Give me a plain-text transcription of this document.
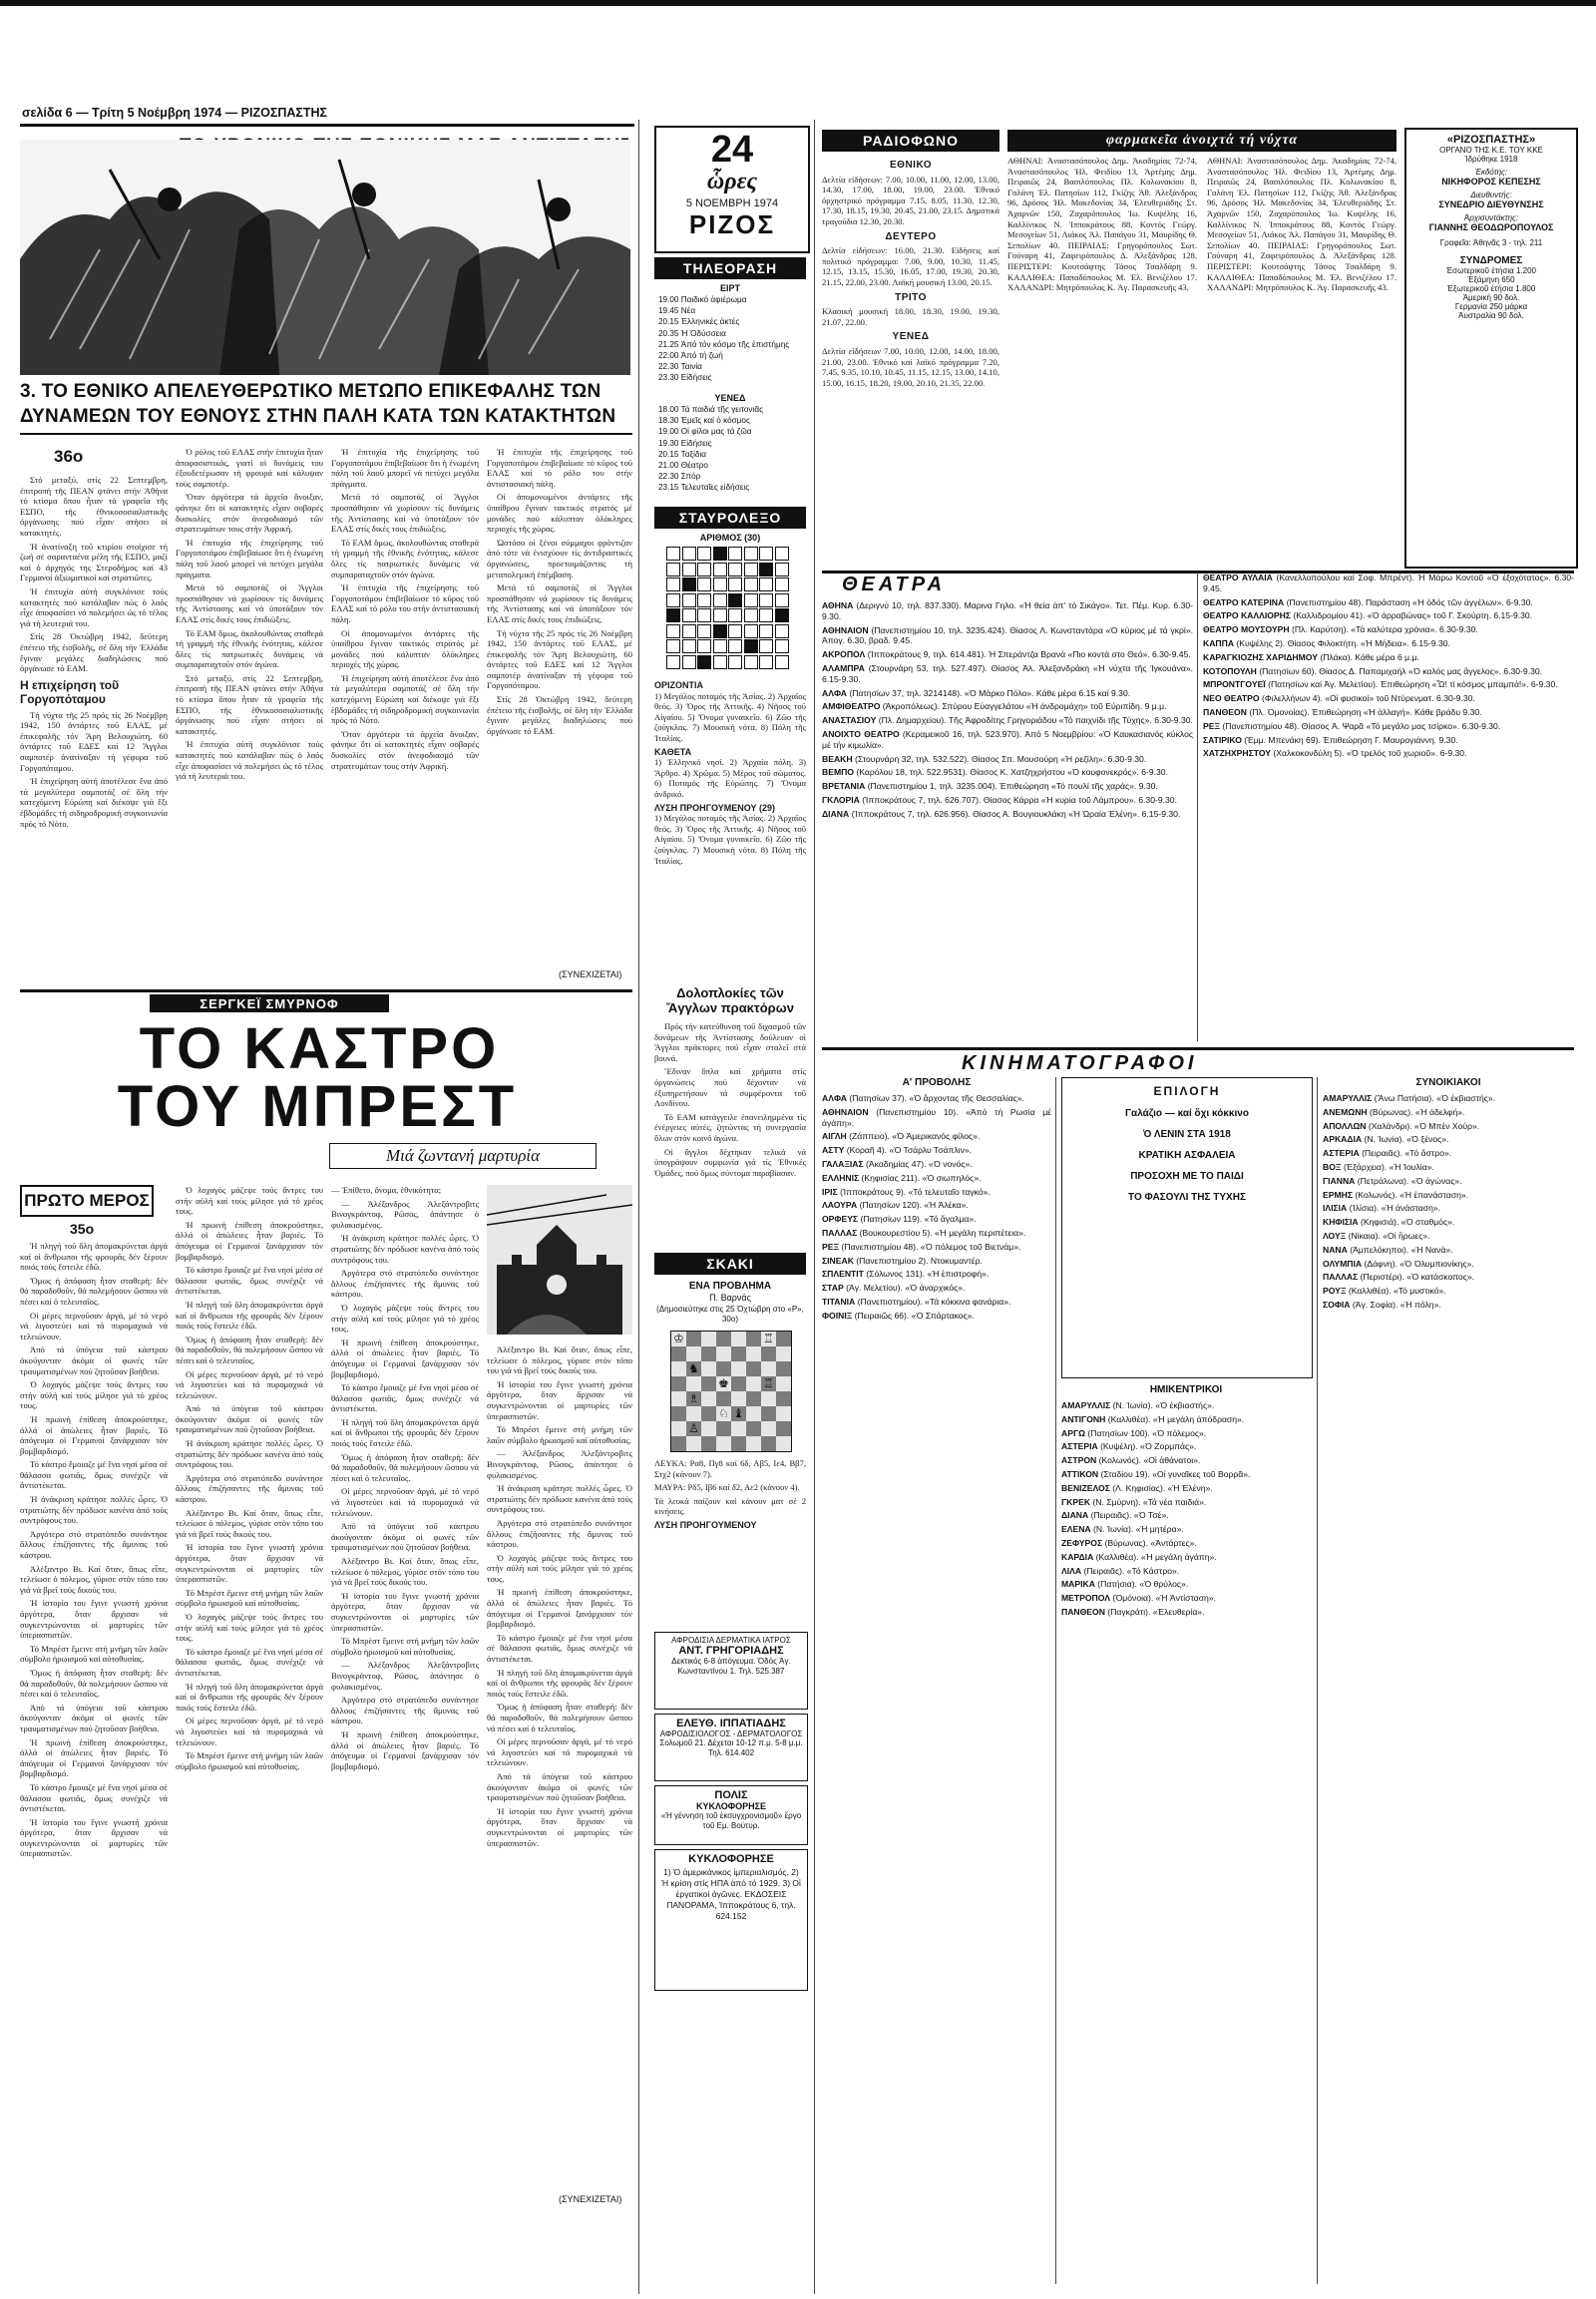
σελίδα 6 — Τρίτη 5 Νοέμβρη 1974 — ΡΙΖΟΣΠΑΣΤΗΣ
3. ΤΟ ΕΘΝΙΚΟ ΑΠΕΛΕΥΘΕΡΩΤΙΚΟ ΜΕΤΩΠΟ ΕΠΙΚΕΦΑΛΗΣ ΤΩΝ ΔΥΝΑΜΕΩΝ ΤΟΥ ΕΘΝΟΥΣ ΣΤΗΝ ΠΑΛΗ ΚΑΤΑ ΤΩΝ ΚΑΤΑΚΤΗΤΩΝ
36ο

Στό μεταξύ, στίς 22 Σεπτεμβρη, ἐπιτροπή τῆς ΠΕΑΝ φτάνει στήν Ἀθήνα τό κτίσμα ὅπου ἦταν τά γραφεῖα τῆς ΕΣΠΟ, τῆς ἐθνικοσοσιαλιστικῆς ὀργάνωσης πού εἶχαν στήσει οἱ κατακτητές.

Ἡ ἀνατίναξη τοῦ κτιρίου στοίχισε τή ζωή σέ σαρανταένα μέλη τῆς ΕΣΠΟ, μαζί καί ὁ ἀρχηγός της Στεροδήμος καί 43 Γερμανοί ἀξιωματικοί καί στρατιῶτες.

Ἡ ἐπιτυχία αὐτή συγκλόνισε τούς κατακτητές πού κατάλαβαν πώς ὁ λαός εἶχε ἀποφασίσει νά πολεμήσει ὡς τό τέλος γιά τή λευτεριά του.

Στίς 28 Ὀκτώβρη 1942, δεύτερη ἐπέτειο τῆς ἐισβολῆς, σέ ὅλη τήν Ἑλλάδα ἔγιναν μεγάλες διαδηλώσεις πού ὀργάνωσε τό ΕΑΜ.

Η επιχείρηση τοῦ Γοργοπόταμου

Τή νύχτα τῆς 25 πρός τίς 26 Νοέμβρη 1942, 150 ἀντάρτες τοῦ ΕΛΑΣ, μέ ἐπικεφαλῆς τόν Ἄρη Βελουχιώτη, 60 ἀντάρτες τοῦ ΕΔΕΣ καί 12 Ἄγγλοι σαμποτέρ ἀνατίναξαν τή γέφυρα τοῦ Γοργοπόταμου.

Ἡ ἐπιχείρηση αὐτή ἀποτέλεσε ἕνα ἀπό τά μεγαλύτερα σαμποτάζ σέ ὅλη τήν κατεχόμενη Εὐρώπη καί διέκοψε γιά ἕξι ἑβδομάδες τή σιδηροδρομική συγκοινωνία πρός τό Νότο.

Ὁ ρόλος τοῦ ΕΛΑΣ στήν ἐπιτυχία ἦταν ἀποφασιστικός, γιατί οἱ δυνάμεις του ἐξουδετέρωσαν τή φρουρά καί κάλυψαν τούς σαμποτέρ.

Ὅταν ἀργότερα τά ἀρχεῖα ἄνοιξαν, φάνηκε ὅτι οἱ κατακτητές εἶχαν σοβαρές δυσκολίες στόν ἀνεφοδιασμό τῶν στρατευμάτων τους στήν Ἀφρική.

Ἡ ἐπιτυχία τῆς ἐπιχείρησης τοῦ Γοργοποτάμου ἐπιβεβαίωσε ὅτι ἡ ἐνωμένη πάλη τοῦ λαοῦ μπορεῖ νά πετύχει μεγάλα πράγματα.

Μετά τό σαμποτάζ οἱ Ἄγγλοι προσπάθησαν νά χωρίσουν τίς δυνάμεις τῆς Ἀντίστασης καί νά ὑποτάξουν τόν ΕΛΑΣ στίς δικές τους ἐπιδιώξεις.

Τό ΕΑΜ ὅμως, ἀκολουθώντας σταθερά τή γραμμή τῆς ἐθνικῆς ἑνότητας, κάλεσε ὅλες τίς πατριωτικές δυνάμεις νά συμπαραταχτοῦν στόν ἀγώνα.

Στό μεταξύ, στίς 22 Σεπτεμβρη, ἐπιτροπή τῆς ΠΕΑΝ φτάνει στήν Ἀθήνα τό κτίσμα ὅπου ἦταν τά γραφεῖα τῆς ΕΣΠΟ, τῆς ἐθνικοσοσιαλιστικῆς ὀργάνωσης πού εἶχαν στήσει οἱ κατακτητές.

Ἡ ἐπιτυχία αὐτή συγκλόνισε τούς κατακτητές πού κατάλαβαν πώς ὁ λαός εἶχε ἀποφασίσει νά πολεμήσει ὡς τό τέλος γιά τή λευτεριά του.

Ἡ ἐπιτυχία τῆς ἐπιχείρησης τοῦ Γοργοποτάμου ἐπιβεβαίωσε ὅτι ἡ ἐνωμένη πάλη τοῦ λαοῦ μπορεῖ νά πετύχει μεγάλα πράγματα.

Μετά τό σαμποτάζ οἱ Ἄγγλοι προσπάθησαν νά χωρίσουν τίς δυνάμεις τῆς Ἀντίστασης καί νά ὑποτάξουν τόν ΕΛΑΣ στίς δικές τους ἐπιδιώξεις.

Τό ΕΑΜ ὅμως, ἀκολουθώντας σταθερά τή γραμμή τῆς ἐθνικῆς ἑνότητας, κάλεσε ὅλες τίς πατριωτικές δυνάμεις νά συμπαραταχτοῦν στόν ἀγώνα.

Ἡ ἐπιτυχία τῆς ἐπιχείρησης τοῦ Γοργοποτάμου ἐπιβεβαίωσε τό κῦρος τοῦ ΕΛΑΣ καί τό ρόλο του στήν ἀντιστασιακή πάλη.

Οἱ ἀπομονωμένοι ἀντάρτες τῆς ὑπαίθρου ἔγιναν τακτικός στρατός μέ μονάδες πού κάλυπταν ὁλόκληρες περιοχές τῆς χώρας.

Ἡ ἐπιχείρηση αὐτή ἀποτέλεσε ἕνα ἀπό τά μεγαλύτερα σαμποτάζ σέ ὅλη τήν κατεχόμενη Εὐρώπη καί διέκοψε γιά ἕξι ἑβδομάδες τή σιδηροδρομική συγκοινωνία πρός τό Νότο.

Ὅταν ἀργότερα τά ἀρχεῖα ἄνοιξαν, φάνηκε ὅτι οἱ κατακτητές εἶχαν σοβαρές δυσκολίες στόν ἀνεφοδιασμό τῶν στρατευμάτων τους στήν Ἀφρική.

Ἡ ἐπιτυχία τῆς ἐπιχείρησης τοῦ Γοργοποτάμου ἐπιβεβαίωσε τό κῦρος τοῦ ΕΛΑΣ καί τό ρόλο του στήν ἀντιστασιακή πάλη.

Οἱ ἀπομονωμένοι ἀντάρτες τῆς ὑπαίθρου ἔγιναν τακτικός στρατός μέ μονάδες πού κάλυπταν ὁλόκληρες περιοχές τῆς χώρας.

Ὡστόσο οἱ ξένοι σύμμαχοι φρόντιζαν ἀπό τότε νά ἐνισχύουν τίς ἀντιδραστικές ὀργανώσεις, προετοιμάζοντας τή μεταπολεμική ἐπέμβαση.

Μετά τό σαμποτάζ οἱ Ἄγγλοι προσπάθησαν νά χωρίσουν τίς δυνάμεις τῆς Ἀντίστασης καί νά ὑποτάξουν τόν ΕΛΑΣ στίς δικές τους ἐπιδιώξεις.

Τή νύχτα τῆς 25 πρός τίς 26 Νοέμβρη 1942, 150 ἀντάρτες τοῦ ΕΛΑΣ, μέ ἐπικεφαλῆς τόν Ἄρη Βελουχιώτη, 60 ἀντάρτες τοῦ ΕΔΕΣ καί 12 Ἄγγλοι σαμποτέρ ἀνατίναξαν τή γέφυρα τοῦ Γοργοπόταμου.

Στίς 28 Ὀκτώβρη 1942, δεύτερη ἐπέτειο τῆς ἐισβολῆς, σέ ὅλη τήν Ἑλλάδα ἔγιναν μεγάλες διαδηλώσεις πού ὀργάνωσε τό ΕΑΜ.

(ΣΥΝΕΧΙΖΕΤΑΙ)
ΣΕΡΓΚΕΪ ΣΜΥΡΝΟΦ
ΤΟ ΚΑΣΤΡΟ
ΤΟΥ ΜΠΡΕΣΤ
Μιά ζωντανή μαρτυρία
ΠΡΩΤΟ ΜΕΡΟΣ
35ο

Ἡ πληγή τοῦ ὅλη ἀπομακρύνεται ἀργά καί οἱ ἄνθρωποι τῆς φρουρᾶς δέν ξέρουν ποιός τούς ἔστειλε ἐδῶ.

Ὅμως ἡ ἀπόφαση ἦταν σταθερή: δέν θά παραδοθοῦν, θά πολεμήσουν ὥσπου νά πέσει καί ὁ τελευταῖος.

Οἱ μέρες περνοῦσαν ἀργά, μέ τό νερό νά λιγοστεύει καί τά πυρομαχικά νά τελειώνουν.

Ἀπό τά ὑπόγεια τοῦ κάστρου ἀκούγονταν ἀκόμα οἱ φωνές τῶν τραυματισμένων πού ζητοῦσαν βοήθεια.

Ὁ λοχαγός μάζεψε τούς ἄντρες του στήν αὐλή καί τούς μίλησε γιά τό χρέος τους.

Ἡ πρωινή ἐπίθεση ἀποκρούστηκε, ἀλλά οἱ ἀπώλειες ἦταν βαριές. Τό ἀπόγευμα οἱ Γερμανοί ξανάρχισαν τόν βομβαρδισμό.

Τό κάστρο ἔμοιαζε μέ ἕνα νησί μέσα σέ θάλασσα φωτιᾶς, ὅμως συνέχιζε νά ἀντιστέκεται.

Ἡ ἀνάκριση κράτησε πολλές ὧρες. Ὁ στρατιώτης δέν πρόδωσε κανένα ἀπό τούς συντρόφους του.

Ἀργότερα στό στρατόπεδο συνάντησε ἄλλους ἐπιζήσαντες τῆς ἄμυνας τοῦ κάστρου.

Ἀλέξαντρο Βι. Καί ὅταν, ὅπως εἶπε, τελείωσε ὁ πόλεμος, γύρισε στόν τόπο του γιά νά βρεῖ τούς δικούς του.

Ἡ ἱστορία του ἔγινε γνωστή χρόνια ἀργότερα, ὅταν ἄρχισαν νά συγκεντρώνονται οἱ μαρτυρίες τῶν ὑπερασπιστῶν.

Τό Μπρέστ ἔμεινε στή μνήμη τῶν λαῶν σύμβολο ἡρωισμοῦ καί αὐτοθυσίας.

Ὅμως ἡ ἀπόφαση ἦταν σταθερή: δέν θά παραδοθοῦν, θά πολεμήσουν ὥσπου νά πέσει καί ὁ τελευταῖος.

Ἀπό τά ὑπόγεια τοῦ κάστρου ἀκούγονταν ἀκόμα οἱ φωνές τῶν τραυματισμένων πού ζητοῦσαν βοήθεια.

Ἡ πρωινή ἐπίθεση ἀποκρούστηκε, ἀλλά οἱ ἀπώλειες ἦταν βαριές. Τό ἀπόγευμα οἱ Γερμανοί ξανάρχισαν τόν βομβαρδισμό.

Τό κάστρο ἔμοιαζε μέ ἕνα νησί μέσα σέ θάλασσα φωτιᾶς, ὅμως συνέχιζε νά ἀντιστέκεται.

Ἡ ἱστορία του ἔγινε γνωστή χρόνια ἀργότερα, ὅταν ἄρχισαν νά συγκεντρώνονται οἱ μαρτυρίες τῶν ὑπερασπιστῶν.

Ὁ λοχαγός μάζεψε τούς ἄντρες του στήν αὐλή καί τούς μίλησε γιά τό χρέος τους.

Ἡ πρωινή ἐπίθεση ἀποκρούστηκε, ἀλλά οἱ ἀπώλειες ἦταν βαριές. Τό ἀπόγευμα οἱ Γερμανοί ξανάρχισαν τόν βομβαρδισμό.

Τό κάστρο ἔμοιαζε μέ ἕνα νησί μέσα σέ θάλασσα φωτιᾶς, ὅμως συνέχιζε νά ἀντιστέκεται.

Ἡ πληγή τοῦ ὅλη ἀπομακρύνεται ἀργά καί οἱ ἄνθρωποι τῆς φρουρᾶς δέν ξέρουν ποιός τούς ἔστειλε ἐδῶ.

Ὅμως ἡ ἀπόφαση ἦταν σταθερή: δέν θά παραδοθοῦν, θά πολεμήσουν ὥσπου νά πέσει καί ὁ τελευταῖος.

Οἱ μέρες περνοῦσαν ἀργά, μέ τό νερό νά λιγοστεύει καί τά πυρομαχικά νά τελειώνουν.

Ἀπό τά ὑπόγεια τοῦ κάστρου ἀκούγονταν ἀκόμα οἱ φωνές τῶν τραυματισμένων πού ζητοῦσαν βοήθεια.

Ἡ ἀνάκριση κράτησε πολλές ὧρες. Ὁ στρατιώτης δέν πρόδωσε κανένα ἀπό τούς συντρόφους του.

Ἀργότερα στό στρατόπεδο συνάντησε ἄλλους ἐπιζήσαντες τῆς ἄμυνας τοῦ κάστρου.

Ἀλέξαντρο Βι. Καί ὅταν, ὅπως εἶπε, τελείωσε ὁ πόλεμος, γύρισε στόν τόπο του γιά νά βρεῖ τούς δικούς του.

Ἡ ἱστορία του ἔγινε γνωστή χρόνια ἀργότερα, ὅταν ἄρχισαν νά συγκεντρώνονται οἱ μαρτυρίες τῶν ὑπερασπιστῶν.

Τό Μπρέστ ἔμεινε στή μνήμη τῶν λαῶν σύμβολο ἡρωισμοῦ καί αὐτοθυσίας.

Ὁ λοχαγός μάζεψε τούς ἄντρες του στήν αὐλή καί τούς μίλησε γιά τό χρέος τους.

Τό κάστρο ἔμοιαζε μέ ἕνα νησί μέσα σέ θάλασσα φωτιᾶς, ὅμως συνέχιζε νά ἀντιστέκεται.

Ἡ πληγή τοῦ ὅλη ἀπομακρύνεται ἀργά καί οἱ ἄνθρωποι τῆς φρουρᾶς δέν ξέρουν ποιός τούς ἔστειλε ἐδῶ.

Οἱ μέρες περνοῦσαν ἀργά, μέ τό νερό νά λιγοστεύει καί τά πυρομαχικά νά τελειώνουν.

Τό Μπρέστ ἔμεινε στή μνήμη τῶν λαῶν σύμβολο ἡρωισμοῦ καί αὐτοθυσίας.

— Ἐπίθετο, ὄνομα, ἐθνικότητα;

— Ἀλέξανδρος Ἀλεξάντροβιτς Βινογκράντοφ, Ρῶσος, ἀπάντησε ὁ φυλακισμένος.

Ἡ ἀνάκριση κράτησε πολλές ὧρες. Ὁ στρατιώτης δέν πρόδωσε κανένα ἀπό τούς συντρόφους του.

Ἀργότερα στό στρατόπεδο συνάντησε ἄλλους ἐπιζήσαντες τῆς ἄμυνας τοῦ κάστρου.

Ὁ λοχαγός μάζεψε τούς ἄντρες του στήν αὐλή καί τούς μίλησε γιά τό χρέος τους.

Ἡ πρωινή ἐπίθεση ἀποκρούστηκε, ἀλλά οἱ ἀπώλειες ἦταν βαριές. Τό ἀπόγευμα οἱ Γερμανοί ξανάρχισαν τόν βομβαρδισμό.

Τό κάστρο ἔμοιαζε μέ ἕνα νησί μέσα σέ θάλασσα φωτιᾶς, ὅμως συνέχιζε νά ἀντιστέκεται.

Ἡ πληγή τοῦ ὅλη ἀπομακρύνεται ἀργά καί οἱ ἄνθρωποι τῆς φρουρᾶς δέν ξέρουν ποιός τούς ἔστειλε ἐδῶ.

Ὅμως ἡ ἀπόφαση ἦταν σταθερή: δέν θά παραδοθοῦν, θά πολεμήσουν ὥσπου νά πέσει καί ὁ τελευταῖος.

Οἱ μέρες περνοῦσαν ἀργά, μέ τό νερό νά λιγοστεύει καί τά πυρομαχικά νά τελειώνουν.

Ἀπό τά ὑπόγεια τοῦ κάστρου ἀκούγονταν ἀκόμα οἱ φωνές τῶν τραυματισμένων πού ζητοῦσαν βοήθεια.

Ἀλέξαντρο Βι. Καί ὅταν, ὅπως εἶπε, τελείωσε ὁ πόλεμος, γύρισε στόν τόπο του γιά νά βρεῖ τούς δικούς του.

Ἡ ἱστορία του ἔγινε γνωστή χρόνια ἀργότερα, ὅταν ἄρχισαν νά συγκεντρώνονται οἱ μαρτυρίες τῶν ὑπερασπιστῶν.

Τό Μπρέστ ἔμεινε στή μνήμη τῶν λαῶν σύμβολο ἡρωισμοῦ καί αὐτοθυσίας.

— Ἀλέξανδρος Ἀλεξάντροβιτς Βινογκράντοφ, Ρῶσος, ἀπάντησε ὁ φυλακισμένος.

Ἀργότερα στό στρατόπεδο συνάντησε ἄλλους ἐπιζήσαντες τῆς ἄμυνας τοῦ κάστρου.

Ἡ πρωινή ἐπίθεση ἀποκρούστηκε, ἀλλά οἱ ἀπώλειες ἦταν βαριές. Τό ἀπόγευμα οἱ Γερμανοί ξανάρχισαν τόν βομβαρδισμό.

Ἀλέξαντρο Βι. Καί ὅταν, ὅπως εἶπε, τελείωσε ὁ πόλεμος, γύρισε στόν τόπο του γιά νά βρεῖ τούς δικούς του.

Ἡ ἱστορία του ἔγινε γνωστή χρόνια ἀργότερα, ὅταν ἄρχισαν νά συγκεντρώνονται οἱ μαρτυρίες τῶν ὑπερασπιστῶν.

Τό Μπρέστ ἔμεινε στή μνήμη τῶν λαῶν σύμβολο ἡρωισμοῦ καί αὐτοθυσίας.

— Ἀλέξανδρος Ἀλεξάντροβιτς Βινογκράντοφ, Ρῶσος, ἀπάντησε ὁ φυλακισμένος.

Ἡ ἀνάκριση κράτησε πολλές ὧρες. Ὁ στρατιώτης δέν πρόδωσε κανένα ἀπό τούς συντρόφους του.

Ἀργότερα στό στρατόπεδο συνάντησε ἄλλους ἐπιζήσαντες τῆς ἄμυνας τοῦ κάστρου.

Ὁ λοχαγός μάζεψε τούς ἄντρες του στήν αὐλή καί τούς μίλησε γιά τό χρέος τους.

Ἡ πρωινή ἐπίθεση ἀποκρούστηκε, ἀλλά οἱ ἀπώλειες ἦταν βαριές. Τό ἀπόγευμα οἱ Γερμανοί ξανάρχισαν τόν βομβαρδισμό.

Τό κάστρο ἔμοιαζε μέ ἕνα νησί μέσα σέ θάλασσα φωτιᾶς, ὅμως συνέχιζε νά ἀντιστέκεται.

Ἡ πληγή τοῦ ὅλη ἀπομακρύνεται ἀργά καί οἱ ἄνθρωποι τῆς φρουρᾶς δέν ξέρουν ποιός τούς ἔστειλε ἐδῶ.

Ὅμως ἡ ἀπόφαση ἦταν σταθερή: δέν θά παραδοθοῦν, θά πολεμήσουν ὥσπου νά πέσει καί ὁ τελευταῖος.

Οἱ μέρες περνοῦσαν ἀργά, μέ τό νερό νά λιγοστεύει καί τά πυρομαχικά νά τελειώνουν.

Ἀπό τά ὑπόγεια τοῦ κάστρου ἀκούγονταν ἀκόμα οἱ φωνές τῶν τραυματισμένων πού ζητοῦσαν βοήθεια.

Ἡ ἱστορία του ἔγινε γνωστή χρόνια ἀργότερα, ὅταν ἄρχισαν νά συγκεντρώνονται οἱ μαρτυρίες τῶν ὑπερασπιστῶν.

(ΣΥΝΕΧΙΖΕΤΑΙ)
24
ὧρες
5 ΝΟΕΜΒΡΗ 1974
ΡΙΖΟΣ
ΤΗΛΕΟΡΑΣΗ
ΕΙΡΤ
19.00 Παιδικό ἀφιέρωμα
19.45 Νέα
20.15 Ἑλληνικές ἀκτές
20.35 Ἡ Ὁδύσσεια
21.25 Ἀπό τόν κόσμο τῆς ἐπιστήμης
22.00 Ἀπό τή ζωή
22.30 Ταινία
23.30 Εἰδήσεις
ΥΕΝΕΔ
18.00 Τά παιδιά τῆς γειτονιᾶς
18.30 Ἐμεῖς καί ὁ κόσμος
19.00 Οἱ φίλοι μας τά ζῶα
19.30 Εἰδήσεις
20.15 Ταξίδια
21.00 Θέατρο
22.30 Σπόρ
23.15 Τελευταῖες εἰδήσεις
ΣΤΑΥΡΟΛΕΞΟ
ΑΡΙΘΜΟΣ (30)
ΟΡΙΖΟΝΤΙΑ

1) Μεγάλος ποταμός τῆς Ἀσίας. 2) Ἀρχαῖος θεός. 3) Ὅρος τῆς Ἀττικῆς. 4) Νῆσος τοῦ Αἰγαίου. 5) Ὄνομα γυναικεῖο. 6) Ζῶο τῆς ζούγκλας. 7) Μουσική νότα. 8) Πόλη τῆς Ἰταλίας.

ΚΑΘΕΤΑ

1) Ἑλληνικό νησί. 2) Ἀρχαία πόλη. 3) Ἄρθρο. 4) Χρῶμα. 5) Μέρος τοῦ σώματος. 6) Ποταμός τῆς Εὐρώπης. 7) Ὄνομα ἀνδρικό.

ΛΥΣΗ ΠΡΟΗΓΟΥΜΕΝΟΥ (29)

1) Μεγάλος ποταμός τῆς Ἀσίας. 2) Ἀρχαῖος θεός. 3) Ὅρος τῆς Ἀττικῆς. 4) Νῆσος τοῦ Αἰγαίου. 5) Ὄνομα γυναικεῖο. 6) Ζῶο τῆς ζούγκλας. 7) Μουσική νότα. 8) Πόλη τῆς Ἰταλίας.

Δολοπλοκίες τῶν Ἄγγλων πρακτόρων

Πρός τήν κατεύθυνση τοῦ διχασμοῦ τῶν δυνάμεων τῆς Ἀντίστασης δούλευαν οἱ Ἄγγλοι πράκτορες πού εἶχαν σταλεῖ στά βουνά.

Ἔδιναν ὅπλα καί χρήματα στίς ὀργανώσεις πού δέχονταν νά ἐξυπηρετήσουν τά συμφέροντα τοῦ Λονδίνου.

Τό ΕΑΜ κατάγγειλε ἐπανειλημμένα τίς ἐνέργειες αὐτές, ζητώντας τή συνεργασία ὅλων στόν κοινό ἀγώνα.

Οἱ ἄγγλοι δέχτηκαν τελικά νά ὑπογράψουν συμφωνία γιά τίς Ἐθνικές Ὁμάδες, πού ὅμως σύντομα παραβίασαν.

ΣΚΑΚΙ
ΕΝΑ ΠΡΟΒΛΗΜΑ
Π. Βαρνάς
(Δημοσιεύτηκε στις 25 Ὀχτώβρη στο «Ρ», 30ο)
♔	♖
♖
♗
♘
♙
♚
♞
♝

ΛΕΥΚΑ: Ρα8, Πγ8 καί 6δ, Αβ5, Ιε4, Ββ7, Στχ2 (κάνουν 7).

ΜΑΥΡΑ: Ρδ5, Ιβ6 καί δ2, Αε2 (κάνουν 4).

Τά λευκά παίζουν καί κάνουν ματ σέ 2 κινήσεις.

ΛΥΣΗ ΠΡΟΗΓΟΥΜΕΝΟΥ
ΑΦΡΟΔΙΣΙΑ ΔΕΡΜΑΤΙΚΑ ΙΑΤΡΟΣ
ΑΝΤ. ΓΡΗΓΟΡΙΑΔΗΣ
Δεκτικός 6-8 ἀπόγευμα. Ὁδός Ἀγ. Κωνσταντίνου 1. Τηλ. 525.387
ΕΛΕΥΘ. ΙΠΠΑΤΙΑΔΗΣ
ΑΦΡΟΔΙΣΙΟΛΟΓΟΣ - ΔΕΡΜΑΤΟΛΟΓΟΣ
Σολωμοῦ 21. Δέχεται 10-12 π.μ. 5-8 μ.μ. Τηλ. 614.402
ΠΟΛΙΣ
ΚΥΚΛΟΦΟΡΗΣΕ
«Ἡ γέννηση τοῦ ἐκσυγχρονισμοῦ» ἔργο τοῦ Εμ. Βούτυρ.
ΚΥΚΛΟΦΟΡΗΣΕ
1) Ὁ ἀμερικάνικος ἰμπεριαλισμός. 2) Ἡ κρίση στίς ΗΠΑ ἀπό τό 1929. 3) Οἱ ἐργατικοί ἀγῶνες. ΕΚΔΟΣΕΙΣ ΠΑΝΟΡΑΜΑ, Ἱπποκράτους 6, τηλ. 624.152
ΡΑΔΙΟΦΩΝΟ
ΕΘΝΙΚΟ

Δελτία εἰδήσεων: 7.00, 10.00, 11.00, 12.00, 13.00, 14.30, 17.00, 18.00, 19.00, 23.00. Ἐθνικό ὀρχηστρικό πρόγραμμα 7.15, 8.05, 11.30, 12.30, 17.30, 18.15, 19.30, 20.45, 21.00, 23.15. Δημοτικά τραγούδια 12.30, 20.30.

ΔΕΥΤΕΡΟ

Δελτία εἰδήσεων: 16.00, 21.30. Εἰδήσεις καί πολιτικό πρόγραμμα: 7.00, 9.00, 10.30, 11.45, 12.15, 13.15, 15.30, 16.05, 17.00, 19.30, 20.30, 21.15, 22.00, 23.00. Λαϊκή μουσική 13.00, 20.15.

ΤΡΙΤΟ

Κλασική μουσική 18.00, 18.30, 19.00, 19.30, 21.07, 22.00.

ΥΕΝΕΔ

Δελτία εἰδήσεων 7.00, 10.00, 12.00, 14.00, 18.00, 21.00, 23.00. Ἐθνικό καί λαϊκό πρόγραμμα 7.20, 7.45, 9.35, 10.10, 10.45, 11.15, 12.15, 13.00, 14.10, 15.00, 16.15, 18.20, 19.00, 20.10, 21.35, 22.00.

φαρμακεῖα ἀνοιχτά τή νύχτα

ΑΘΗΝΑΙ: Ἀναστασόπουλος Δημ. Ἀκαδημίας 72-74, Ἀναστασόπουλος Ἠλ. Φειδίου 13, Ἀρτέμης Δημ. Πειραιῶς 24, Βασιλόπουλος Πλ. Κολωνακίου 8, Γαλάνη Ἑλ. Πατησίων 112, Γκίζης Ἀθ. Ἀλεξάνδρας 96, Δρόσος Ἠλ. Μακεδονίας 34, Ἐλευθεριάδης Στ. Ἀχαρνῶν 150, Ζαχαρόπουλος Ἰω. Κυψέλης 16, Καλλίνικος Ν. Ἱπποκράτους 88, Κοντός Γεώργ. Μεσογείων 51, Λιάκος Ἀλ. Παπάγου 31, Μαυρίδης Θ. Σεπολίων 40. ΠΕΙΡΑΙΑΣ: Γρηγορόπουλος Σωτ. Γούναρη 41, Ζαφειρόπουλος Δ. Ἀλεξάνδρας 128. ΠΕΡΙΣΤΕΡΙ: Κουτσάφτης Τάσος Τσαλδάρη 9. ΚΑΛΛΙΘΕΑ: Παπαδόπουλος Μ. Ἐλ. Βενιζέλου 17. ΧΑΛΑΝΔΡΙ: Μητρόπουλος Κ. Ἀγ. Παρασκευῆς 43.

ΑΘΗΝΑΙ: Ἀναστασόπουλος Δημ. Ἀκαδημίας 72-74, Ἀναστασόπουλος Ἠλ. Φειδίου 13, Ἀρτέμης Δημ. Πειραιῶς 24, Βασιλόπουλος Πλ. Κολωνακίου 8, Γαλάνη Ἑλ. Πατησίων 112, Γκίζης Ἀθ. Ἀλεξάνδρας 96, Δρόσος Ἠλ. Μακεδονίας 34, Ἐλευθεριάδης Στ. Ἀχαρνῶν 150, Ζαχαρόπουλος Ἰω. Κυψέλης 16, Καλλίνικος Ν. Ἱπποκράτους 88, Κοντός Γεώργ. Μεσογείων 51, Λιάκος Ἀλ. Παπάγου 31, Μαυρίδης Θ. Σεπολίων 40. ΠΕΙΡΑΙΑΣ: Γρηγορόπουλος Σωτ. Γούναρη 41, Ζαφειρόπουλος Δ. Ἀλεξάνδρας 128. ΠΕΡΙΣΤΕΡΙ: Κουτσάφτης Τάσος Τσαλδάρη 9. ΚΑΛΛΙΘΕΑ: Παπαδόπουλος Μ. Ἐλ. Βενιζέλου 17. ΧΑΛΑΝΔΡΙ: Μητρόπουλος Κ. Ἀγ. Παρασκευῆς 43.

«ΡΙΖΟΣΠΑΣΤΗΣ»
ΟΡΓΑΝΟ ΤΗΣ Κ.Ε. ΤΟΥ ΚΚΕ
Ἱδρύθηκε 1918
Ἐκδότης:
ΝΙΚΗΦΟΡΟΣ ΚΕΠΕΣΗΣ
Διευθυντής:
ΣΥΝΕΔΡΙΟ ΔΙΕΥΘΥΝΣΗΣ
Ἀρχισυντάκτης:
ΓΙΑΝΝΗΣ ΘΕΟΔΩΡΟΠΟΥΛΟΣ
Γραφεῖα: Ἀθηνᾶς 3 - τηλ. 211
ΣΥΝΔΡΟΜΕΣ
Ἐσωτερικοῦ ἐτήσια 1.200
Ἑξάμηνη 650
Ἐξωτερικοῦ ἐτήσια 1.800
Ἀμερική 90 δολ.
Γερμανία 250 μάρκα
Ἀυστραλία 90 δολ.
ΘΕΑΤΡΑ
ΑΘΗΝΑ (Δεριγνύ 10, τηλ. 837.330). Μαρινα Γηλο. «Ἡ θεία ἀπ' τό Σικάγο». Τετ. Πέμ. Κυρ. 6.30-9.30.
ΑΘΗΝΑΙΟΝ (Πανεπιστημίου 10, τηλ. 3235.424). Θίασος Λ. Κωνσταντάρα «Ὁ κύριος μέ τά γκρί». Ἀπογ. 6.30, βραδ. 9.45.
ΑΚΡΟΠΟΛ (Ἱπποκράτους 9, τηλ. 614.481). Ἡ Σπεράντζα Βρανά «Πιο κοντά στο Θεό». 6.30-9.45.
ΑΛΑΜΠΡΑ (Στουρνάρη 53, τηλ. 527.497). Θίασος Ἀλ. Ἀλεξανδράκη «Ἡ νύχτα τῆς Ἰγκουάνα». 6.15-9.30.
ΑΛΦΑ (Πατησίων 37, τηλ. 3214148). «Ὁ Μάρκο Πόλο». Κάθε μέρα 6.15 καί 9.30.
ΑΜΦΙΘΕΑΤΡΟ (Ἀκροπόλεως). Σπύρου Εὐαγγελάτου «Ἡ ἀνδρομάχη» τοῦ Εὐριπίδη. 9 μ.μ.
ΑΝΑΣΤΑΣΙΟΥ (Πλ. Δημαρχείου). Τῆς Ἀφροδίτης Γρηγοριάδου «Τό παιχνίδι τῆς Τύχης». 6.30-9.30.
ΑΝΟΙΧΤΟ ΘΕΑΤΡΟ (Κεραμεικοῦ 16, τηλ. 523.970). Ἀπό 5 Νοεμβρίου: «Ὁ Καυκασιανός κύκλος μέ τήν κιμωλία».
ΒΕΑΚΗ (Στουρνάρη 32, τηλ. 532.522). Θίασος Σπ. Μουσούρη «Ἡ ρεζίλη». 6.30-9.30.
ΒΕΜΠΟ (Καρόλου 18, τηλ. 522.9531). Θίασος Κ. Χατζηχρήστου «Ὁ κουφονεκρός». 6-9.30.
ΒΡΕΤΑΝΙΑ (Πανεπιστημίου 1, τηλ. 3235.004). Ἐπιθεώρηση «Τό πουλί τῆς χαράς». 9.30.
ΓΚΛΟΡΙΑ (Ἱπποκράτους 7, τηλ. 626.707). Θίασος Κάρρα «Ἡ κυρία τοῦ Λάμπρου». 6.30-9.30.
ΔΙΑΝΑ (Ἱπποκράτους 7, τηλ. 626.956). Θίασος Α. Βουγιουκλάκη «Ἡ Ὡραία Ἑλένη». 6.15-9.30.
ΘΕΑΤΡΟ ΑΥΛΑΙΑ (Κανελλοπούλου καί Σοφ. Μπρέντ). Ἡ Μάρω Κοντοῦ «Ὁ ἐξοχότατος». 6.30-9.45.
ΘΕΑΤΡΟ ΚΑΤΕΡΙΝΑ (Πανεπιστημίου 48). Παράσταση «Ἡ ὁδός τῶν ἀγγέλων». 6-9.30.
ΘΕΑΤΡΟ ΚΑΛΛΙΟΡΗΣ (Καλλιδρομίου 41). «Ὁ ἀρραβώνας» τοῦ Γ. Σκούρτη. 6.15-9.30.
ΘΕΑΤΡΟ ΜΟΥΣΟΥΡΗ (Πλ. Καρύτση). «Τά καλύτερα χρόνια». 6.30-9.30.
ΚΑΠΠΑ (Κυψέλης 2). Θίασος Φιλοκτήτη. «Ἡ Μήδεια». 6.15-9.30.
ΚΑΡΑΓΚΙΟΖΗΣ ΧΑΡΙΔΗΜΟΥ (Πλάκα). Κάθε μέρα 6 μ.μ.
ΚΟΤΟΠΟΥΛΗ (Πατησίων 60). Θίασος Δ. Παπαμιχαήλ «Ὁ καλός μας ἄγγελος». 6.30-9.30.
ΜΠΡΟΝΤΓΟΥΕΪ (Πατησίων καί Ἀγ. Μελετίου). Ἐπιθεώρηση «Ὦ! τί κόσμος μπαμπά!». 6-9.30.
ΝΕΟ ΘΕΑΤΡΟ (Φιλελλήνων 4). «Οἱ φυσικοί» τοῦ Ντύρενματ. 6.30-9.30.
ΠΑΝΘΕΟΝ (Πλ. Ὁμονοίας). Ἐπιθεώρηση «Ἡ ἀλλαγή». Κάθε βράδυ 9.30.
ΡΕΞ (Πανεπιστημίου 48). Θίασος Ἀ. Ψαρᾶ «Τό μεγάλο μας τσίρκο». 6.30-9.30.
ΣΑΤΙΡΙΚΟ (Ἐμμ. Μπενάκη 69). Ἐπιθεώρηση Γ. Μαυρογιάννη. 9.30.
ΧΑΤΖΗΧΡΗΣΤΟΥ (Χαλκοκονδύλη 5). «Ὁ τρελός τοῦ χωριοῦ». 6-9.30.
ΚΙΝΗΜΑΤΟΓΡΑΦΟΙ
Α' ΠΡΟΒΟΛΗΣ
ΑΛΦΑ (Πατησίων 37). «Ὁ ἄρχοντας τῆς Θεσσαλίας».
ΑΘΗΝΑΙΟΝ (Πανεπιστημίου 10). «Ἀπό τή Ρωσία μέ ἀγάπη».
ΑΙΓΛΗ (Ζάππειο). «Ὁ Ἀμερικανός φίλος».
ΑΣΤΥ (Κοραῆ 4). «Ὁ Τσάρλυ Τσάπλιν».
ΓΑΛΑΞΙΑΣ (Ἀκαδημίας 47). «Ὁ νονός».
ΕΛΛΗΝΙΣ (Κηφισίας 211). «Ὁ σιωπηλός».
ΙΡΙΣ (Ἱπποκράτους 9). «Τό τελευταῖο ταγκό».
ΛΑΟΥΡΑ (Πατησίων 120). «Ἡ Ἀλέκα».
ΟΡΦΕΥΣ (Πατησίων 119). «Τό ἄγαλμα».
ΠΑΛΛΑΣ (Βουκουρεστίου 5). «Ἡ μεγάλη περιπέτεια».
ΡΕΞ (Πανεπιστημίου 48). «Ὁ πόλεμος τοῦ Βιετνάμ».
ΣΙΝΕΑΚ (Πανεπιστημίου 2). Ντοκυμαντέρ.
ΣΠΛΕΝΤΙΤ (Σόλωνος 131). «Ἡ ἐπιστροφή».
ΣΤΑΡ (Ἀγ. Μελετίου). «Ὁ ἀναρχικός».
ΤΙΤΑΝΙΑ (Πανεπιστημίου). «Τά κόκκινα φανάρια».
ΦΟΙΝΙΞ (Πειραιῶς 66). «Ὁ Σπάρτακος».
ΕΠΙΛΟΓΗ
Γαλάζιο — καί ὄχι κόκκινο
Ὁ ΛΕΝΙΝ ΣΤΑ 1918
ΚΡΑΤΙΚΗ ΑΣΦΑΛΕΙΑ
ΠΡΟΣΟΧΗ ΜΕ ΤΟ ΠΑΙΔΙ
ΤΟ ΦΑΣΟΥΛΙ ΤΗΣ ΤΥΧΗΣ
ΗΜΙΚΕΝΤΡΙΚΟΙ
ΑΜΑΡΥΛΛΙΣ (Ν. Ἰωνία). «Ὁ ἐκβιαστής».
ΑΝΤΙΓΟΝΗ (Καλλιθέα). «Ἡ μεγάλη ἀπόδραση».
ΑΡΓΩ (Πατησίων 100). «Ὁ πόλεμος».
ΑΣΤΕΡΙΑ (Κυψέλη). «Ὁ Ζορμπάς».
ΑΣΤΡΟΝ (Κολωνός). «Οἱ ἀθάνατοι».
ΑΤΤΙΚΟΝ (Σταδίου 19). «Οἱ γυναῖκες τοῦ Βορρᾶ».
ΒΕΝΙΖΕΛΟΣ (Λ. Κηφισίας). «Ἡ Ἑλένη».
ΓΚΡΕΚ (Ν. Σμύρνη). «Τά νέα παιδιά».
ΔΙΑΝΑ (Πειραιᾶς). «Ὁ Τσέ».
ΕΛΕΝΑ (Ν. Ἰωνία). «Ἡ μητέρα».
ΖΕΦΥΡΟΣ (Βύρωνας). «Ἀντάρτες».
ΚΑΡΔΙΑ (Καλλιθέα). «Ἡ μεγάλη ἀγάπη».
ΛΙΛΑ (Πειραιᾶς). «Τό Κάστρο».
ΜΑΡΙΚΑ (Πατήσια). «Ὁ θρύλος».
ΜΕΤΡΟΠΟΛ (Ὁμόνοια). «Ἡ Ἀντίσταση».
ΠΑΝΘΕΟΝ (Παγκράτι). «Ἐλευθερία».
ΣΥΝΟΙΚΙΑΚΟΙ
ΑΜΑΡΥΛΛΙΣ (Ἄνω Πατήσια). «Ὁ ἐκβιαστής».
ΑΝΕΜΩΝΗ (Βύρωνας). «Ἡ ἀδελφή».
ΑΠΟΛΛΩΝ (Χαλάνδρι). «Ὁ Μπέν Χούρ».
ΑΡΚΑΔΙΑ (Ν. Ἰωνία). «Ὁ ξένος».
ΑΣΤΕΡΙΑ (Πειραιᾶς). «Τό ἄστρο».
ΒΟΞ (Ἐξάρχεια). «Ἡ Ἰουλία».
ΓΙΑΝΝΑ (Πετράλωνα). «Ὁ ἀγώνας».
ΕΡΜΗΣ (Κολωνός). «Ἡ ἐπανάσταση».
ΙΛΙΣΙΑ (Ἰλίσια). «Ἡ ἀνάσταση».
ΚΗΦΙΣΙΑ (Κηφισιά). «Ὁ σταθμός».
ΛΟΥΞ (Νίκαια). «Οἱ ἥρωες».
ΝΑΝΑ (Ἀμπελόκηποι). «Ἡ Νανά».
ΟΛΥΜΠΙΑ (Δάφνη). «Ὁ Ὀλυμπιονίκης».
ΠΑΛΛΑΣ (Περιστέρι). «Ὁ κατάσκοπος».
ΡΟΥΞ (Καλλιθέα). «Τό μυστικό».
ΣΟΦΙΑ (Ἀγ. Σοφία). «Ἡ πόλη».
